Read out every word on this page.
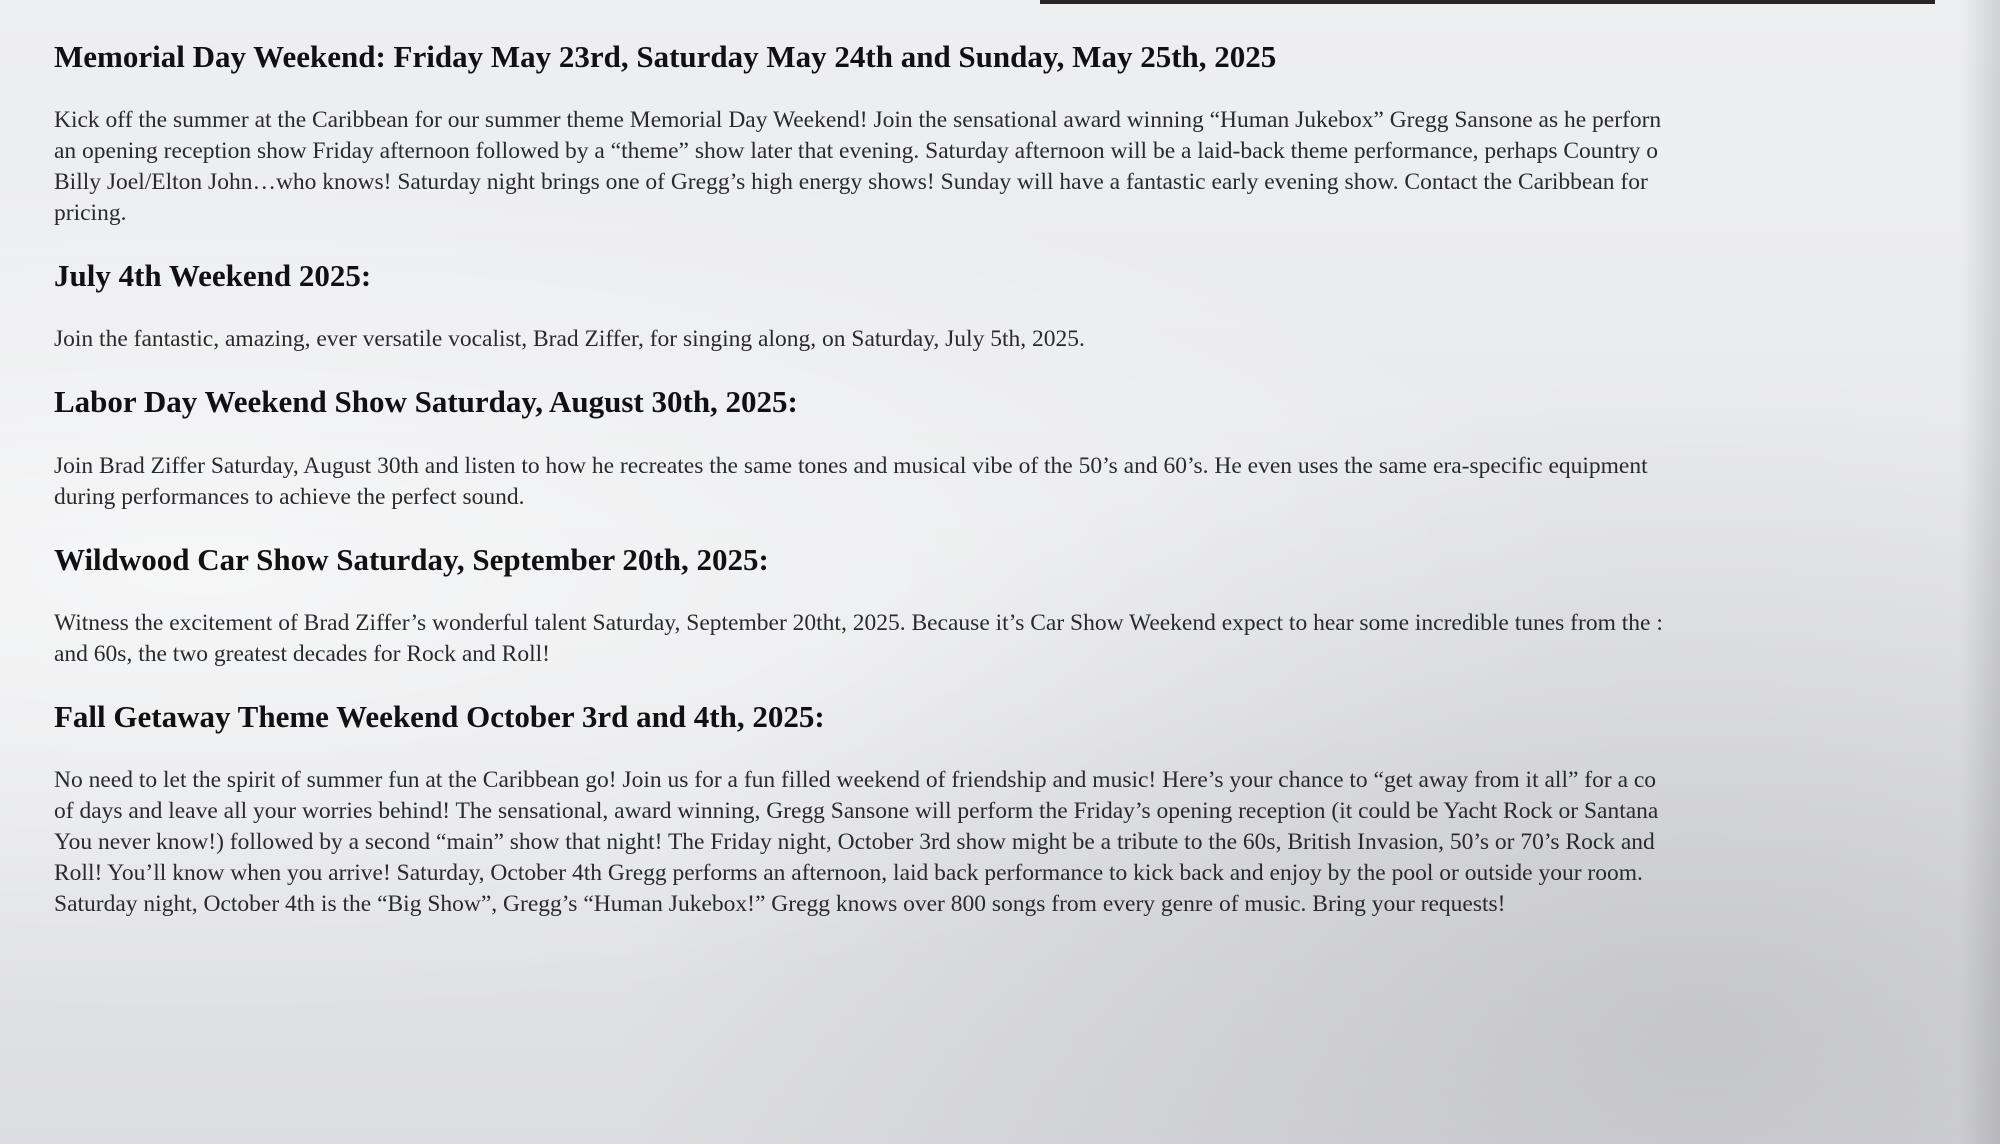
Memorial Day Weekend: Friday May 23rd, Saturday May 24th and Sunday, May 25th, 2025

Kick off the summer at the Caribbean for our summer theme Memorial Day Weekend! Join the sensational award winning “Human Jukebox” Gregg Sansone as he perforn
an opening reception show Friday afternoon followed by a “theme” show later that evening. Saturday afternoon will be a laid-back theme performance, perhaps Country o
Billy Joel/Elton John…who knows! Saturday night brings one of Gregg’s high energy shows! Sunday will have a fantastic early evening show. Contact the Caribbean for
pricing.

July 4th Weekend 2025:

Join the fantastic, amazing, ever versatile vocalist, Brad Ziffer, for singing along, on Saturday, July 5th, 2025.

Labor Day Weekend Show Saturday, August 30th, 2025:

Join Brad Ziffer Saturday, August 30th and listen to how he recreates the same tones and musical vibe of the 50’s and 60’s. He even uses the same era-specific equipment
during performances to achieve the perfect sound.

Wildwood Car Show Saturday, September 20th, 2025:

Witness the excitement of Brad Ziffer’s wonderful talent Saturday, September 20tht, 2025. Because it’s Car Show Weekend expect to hear some incredible tunes from the :
and 60s, the two greatest decades for Rock and Roll!

Fall Getaway Theme Weekend October 3rd and 4th, 2025:

No need to let the spirit of summer fun at the Caribbean go! Join us for a fun filled weekend of friendship and music! Here’s your chance to “get away from it all” for a co
of days and leave all your worries behind! The sensational, award winning, Gregg Sansone will perform the Friday’s opening reception (it could be Yacht Rock or Santana
You never know!) followed by a second “main” show that night! The Friday night, October 3rd show might be a tribute to the 60s, British Invasion, 50’s or 70’s Rock and
Roll! You’ll know when you arrive! Saturday, October 4th Gregg performs an afternoon, laid back performance to kick back and enjoy by the pool or outside your room.
Saturday night, October 4th is the “Big Show”, Gregg’s “Human Jukebox!” Gregg knows over 800 songs from every genre of music. Bring your requests!
